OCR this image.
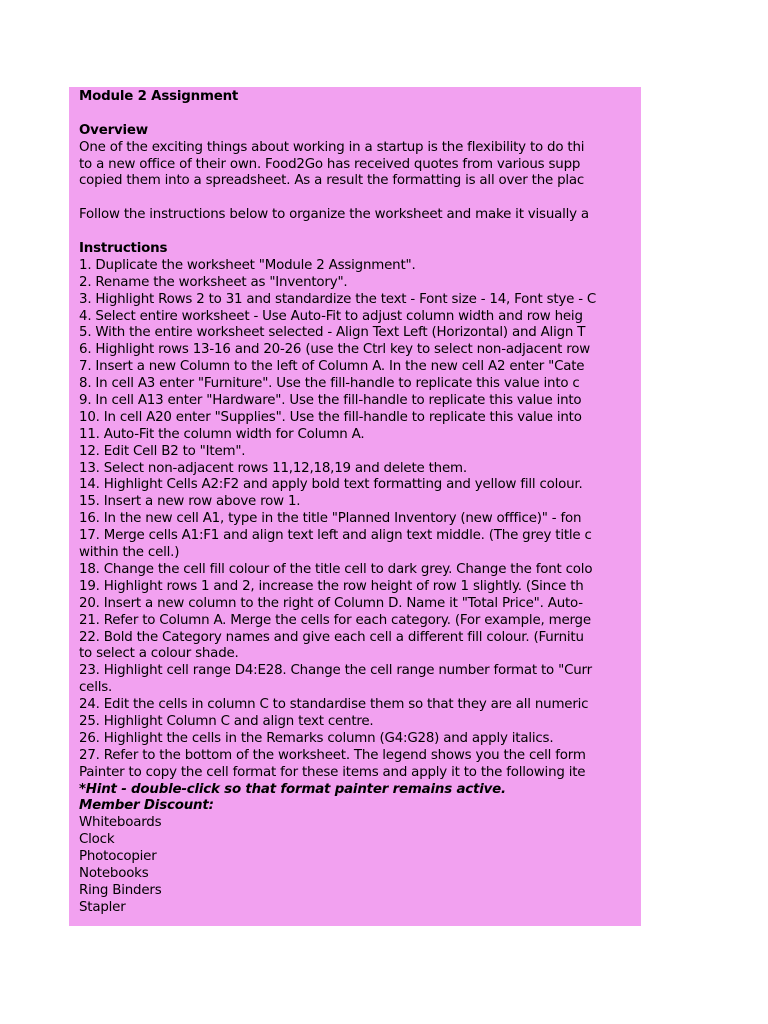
Module 2 Assignment
Overview
One of the exciting things about working in a startup is the flexibility to do thi
to a new office of their own. Food2Go has received quotes from various supp
copied them into a spreadsheet. As a result the formatting is all over the plac
Follow the instructions below to organize the worksheet and make it visually a
Instructions
1. Duplicate the worksheet "Module 2 Assignment".
2. Rename the worksheet as "Inventory".
3. Highlight Rows 2 to 31 and standardize the text - Font size - 14, Font stye - C
4. Select entire worksheet - Use Auto-Fit to adjust column width and row heig
5. With the entire worksheet selected - Align Text Left (Horizontal) and Align T
6. Highlight rows 13-16 and 20-26 (use the Ctrl key to select non-adjacent row
7. Insert a new Column to the left of Column A. In the new cell A2 enter "Cate
8. In cell A3 enter "Furniture". Use the fill-handle to replicate this value into c
9. In cell A13 enter "Hardware". Use the fill-handle to replicate this value into
10. In cell A20 enter "Supplies". Use the fill-handle to replicate this value into
11. Auto-Fit the column width for Column A.
12. Edit Cell B2 to "Item".
13. Select non-adjacent rows 11,12,18,19 and delete them.
14. Highlight Cells A2:F2 and apply bold text formatting and yellow fill colour.
15. Insert a new row above row 1.
16. In the new cell A1, type in the title "Planned Inventory (new offfice)" - fon
17. Merge cells A1:F1 and align text left and align text middle. (The grey title c
within the cell.)
18. Change the cell fill colour of the title cell to dark grey. Change the font colo
19. Highlight rows 1 and 2, increase the row height of row 1 slightly. (Since th
20. Insert a new column to the right of Column D. Name it "Total Price". Auto-
21. Refer to Column A. Merge the cells for each category. (For example, merge
22. Bold the Category names and give each cell a different fill colour. (Furnitu
to select a colour shade.
23. Highlight cell range D4:E28. Change the cell range number format to "Curr
cells.
24. Edit the cells in column C to standardise them so that they are all numeric
25. Highlight Column C and align text centre.
26. Highlight the cells in the Remarks column (G4:G28) and apply italics.
27. Refer to the bottom of the worksheet. The legend shows you the cell form
Painter to copy the cell format for these items and apply it to the following ite
*Hint - double-click so that format painter remains active.
Member Discount:
Whiteboards
Clock
Photocopier
Notebooks
Ring Binders
Stapler
